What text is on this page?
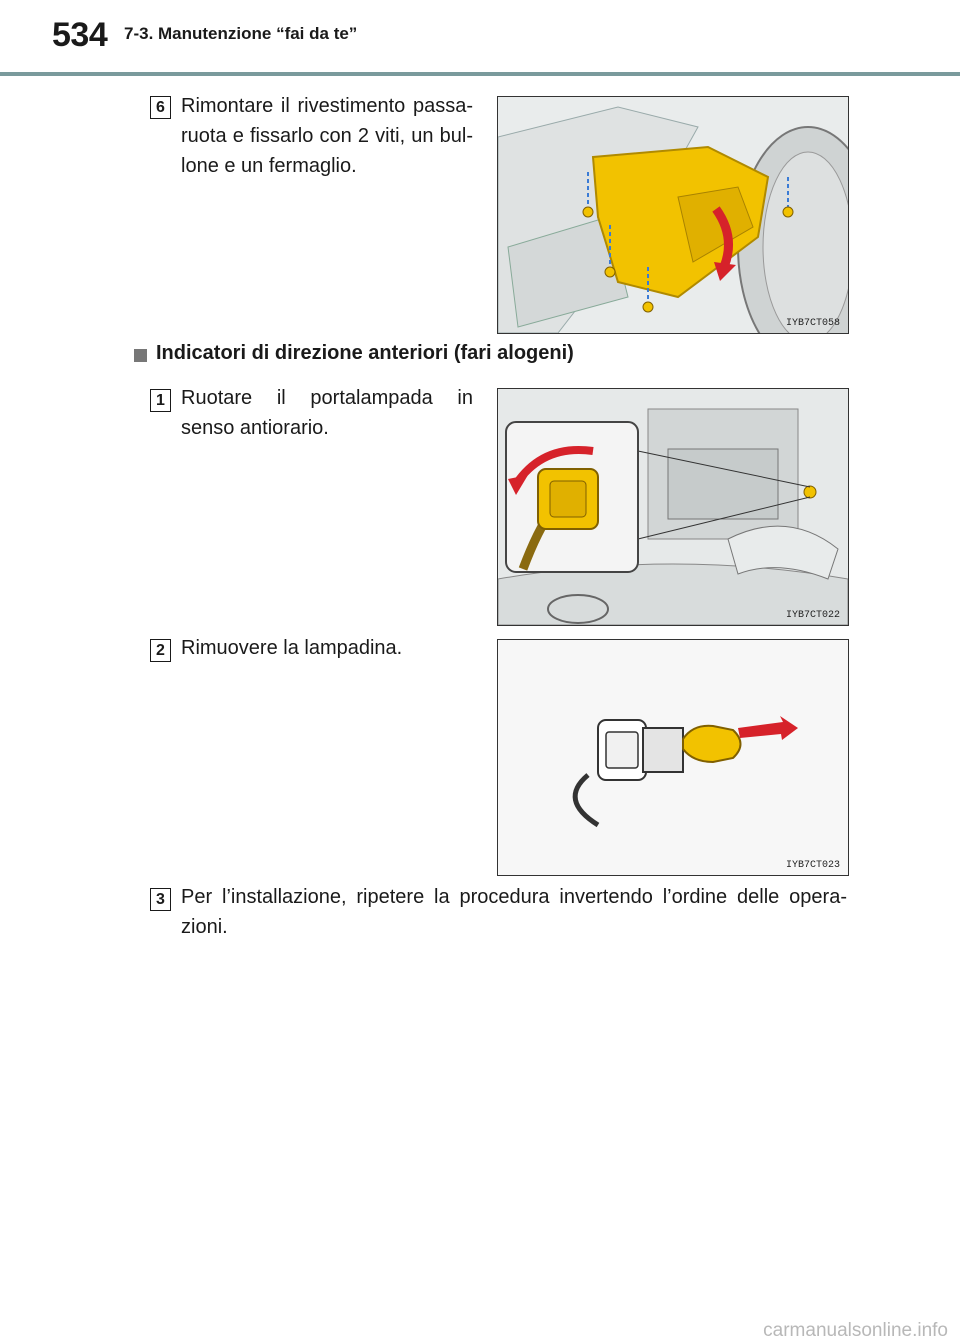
534 7-3. Manutenzione “fai da te”
6 Rimontare il rivestimento passa-ruota e fissarlo con 2 viti, un bul-lone e un fermaglio.
IYB7CT058
Indicatori di direzione anteriori (fari alogeni)
1 Ruotare il portalampada in senso antiorario.
IYB7CT022
2 Rimuovere la lampadina.
IYB7CT023
3 Per l’installazione, ripetere la procedura invertendo l’ordine delle opera-zioni.
carmanualsonline.info
